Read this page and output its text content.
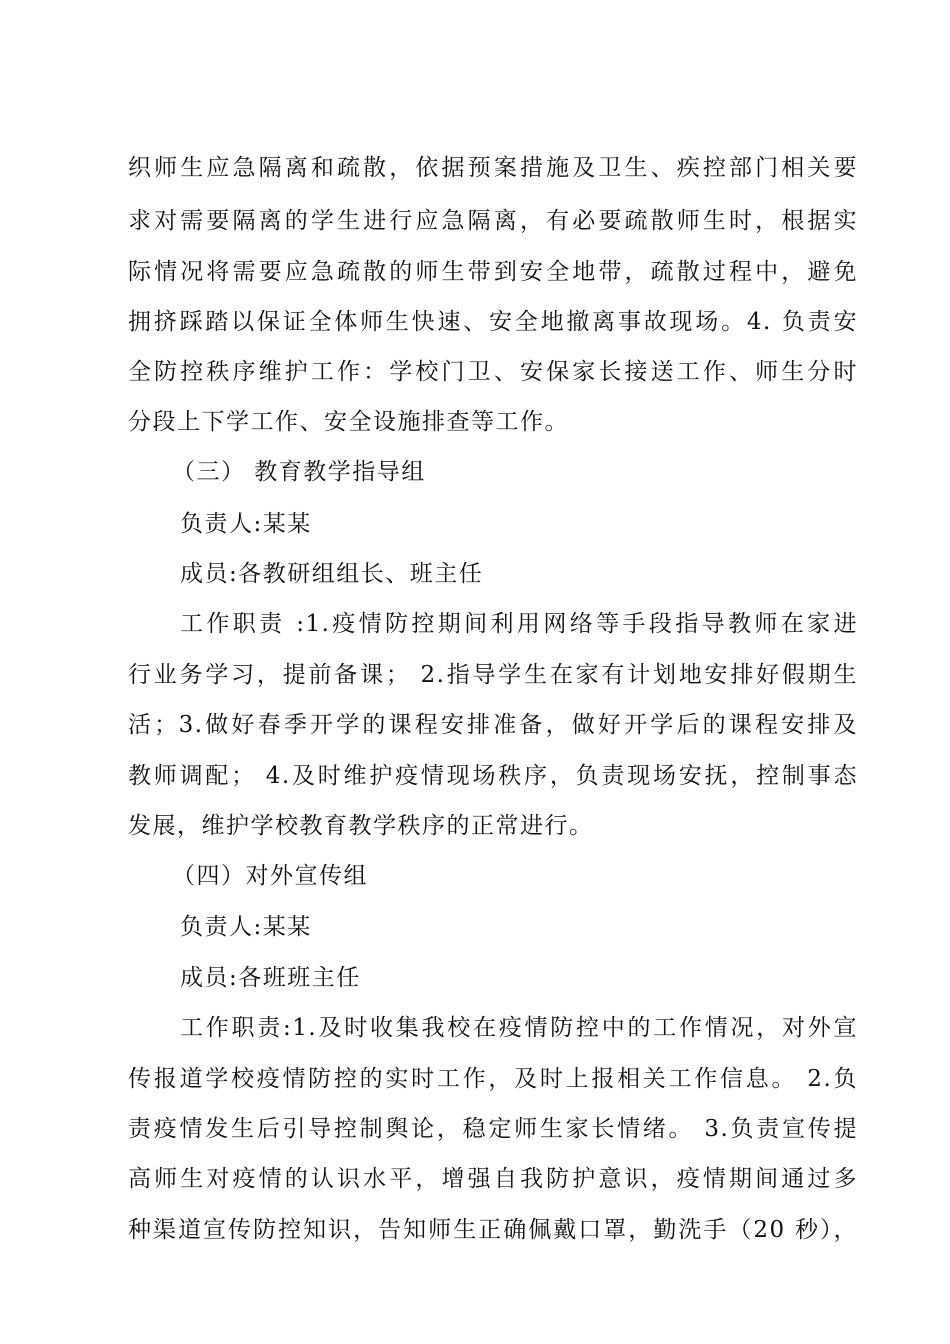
织师生应急隔离和疏散，依据预案措施及卫生、疾控部门相关要
求对需要隔离的学生进行应急隔离，有必要疏散师生时，根据实
际情况将需要应急疏散的师生带到安全地带，疏散过程中，避免
拥挤踩踏以保证全体师生快速、安全地撤离事故现场。4. 负责安
全防控秩序维护工作：学校门卫、安保家长接送工作、师生分时
分段上下学工作、安全设施排查等工作。
（三） 教育教学指导组
负责人:某某
成员:各教研组组长、班主任
工作职责 :1.疫情防控期间利用网络等手段指导教师在家进
行业务学习，提前备课； 2.指导学生在家有计划地安排好假期生
活；3.做好春季开学的课程安排准备，做好开学后的课程安排及
教师调配； 4.及时维护疫情现场秩序，负责现场安抚，控制事态
发展，维护学校教育教学秩序的正常进行。
（四）对外宣传组
负责人:某某
成员:各班班主任
工作职责:1.及时收集我校在疫情防控中的工作情况，对外宣
传报道学校疫情防控的实时工作，及时上报相关工作信息。 2.负
责疫情发生后引导控制舆论，稳定师生家长情绪。 3.负责宣传提
高师生对疫情的认识水平，增强自我防护意识，疫情期间通过多
种渠道宣传防控知识，告知师生正确佩戴口罩，勤洗手（20 秒），
